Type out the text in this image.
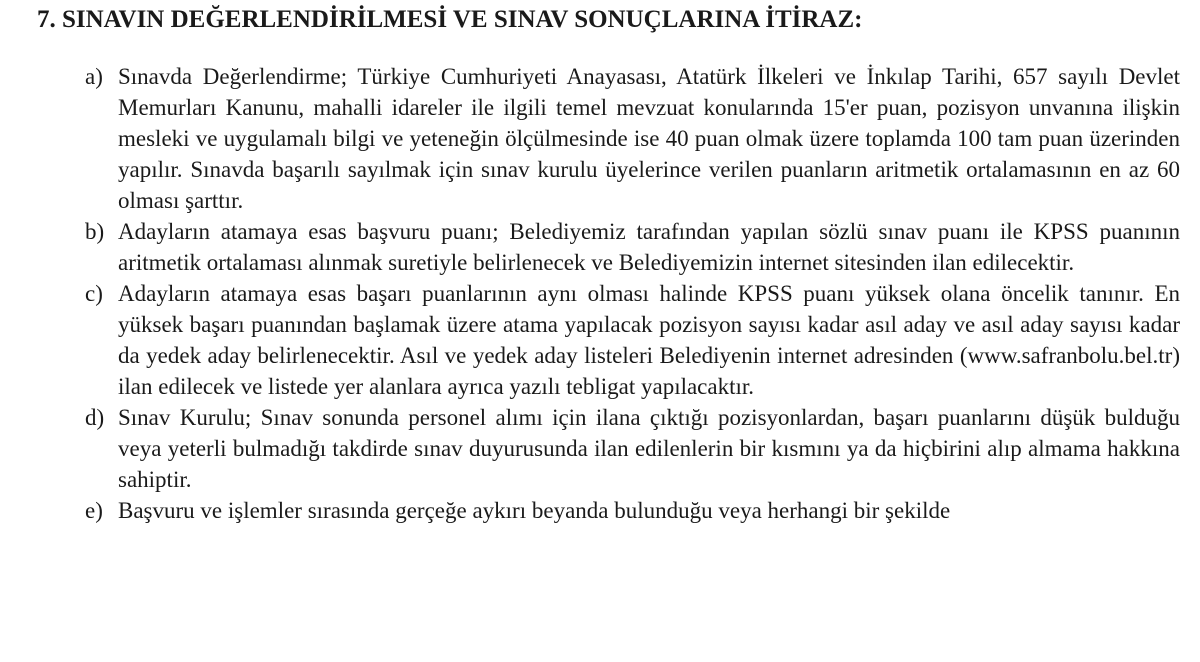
7. SINAVIN DEĞERLENDİRİLMESİ VE SINAV SONUÇLARINA İTİRAZ:
a) Sınavda Değerlendirme; Türkiye Cumhuriyeti Anayasası, Atatürk İlkeleri ve İnkılap Tarihi, 657 sayılı Devlet Memurları Kanunu, mahalli idareler ile ilgili temel mevzuat konularında 15'er puan, pozisyon unvanına ilişkin mesleki ve uygulamalı bilgi ve yeteneğin ölçülmesinde ise 40 puan olmak üzere toplamda 100 tam puan üzerinden yapılır. Sınavda başarılı sayılmak için sınav kurulu üyelerince verilen puanların aritmetik ortalamasının en az 60 olması şarttır.
b) Adayların atamaya esas başvuru puanı; Belediyemiz tarafından yapılan sözlü sınav puanı ile KPSS puanının aritmetik ortalaması alınmak suretiyle belirlenecek ve Belediyemizin internet sitesinden ilan edilecektir.
c) Adayların atamaya esas başarı puanlarının aynı olması halinde KPSS puanı yüksek olana öncelik tanınır. En yüksek başarı puanından başlamak üzere atama yapılacak pozisyon sayısı kadar asıl aday ve asıl aday sayısı kadar da yedek aday belirlenecektir. Asıl ve yedek aday listeleri Belediyenin internet adresinden (www.safranbolu.bel.tr) ilan edilecek ve listede yer alanlara ayrıca yazılı tebligat yapılacaktır.
d) Sınav Kurulu; Sınav sonunda personel alımı için ilana çıktığı pozisyonlardan, başarı puanlarını düşük bulduğu veya yeterli bulmadığı takdirde sınav duyurusunda ilan edilenlerin bir kısmını ya da hiçbirini alıp almama hakkına sahiptir.
e) Başvuru ve işlemler sırasında gerçeğe aykırı beyanda bulunduğu veya herhangi bir şekilde
